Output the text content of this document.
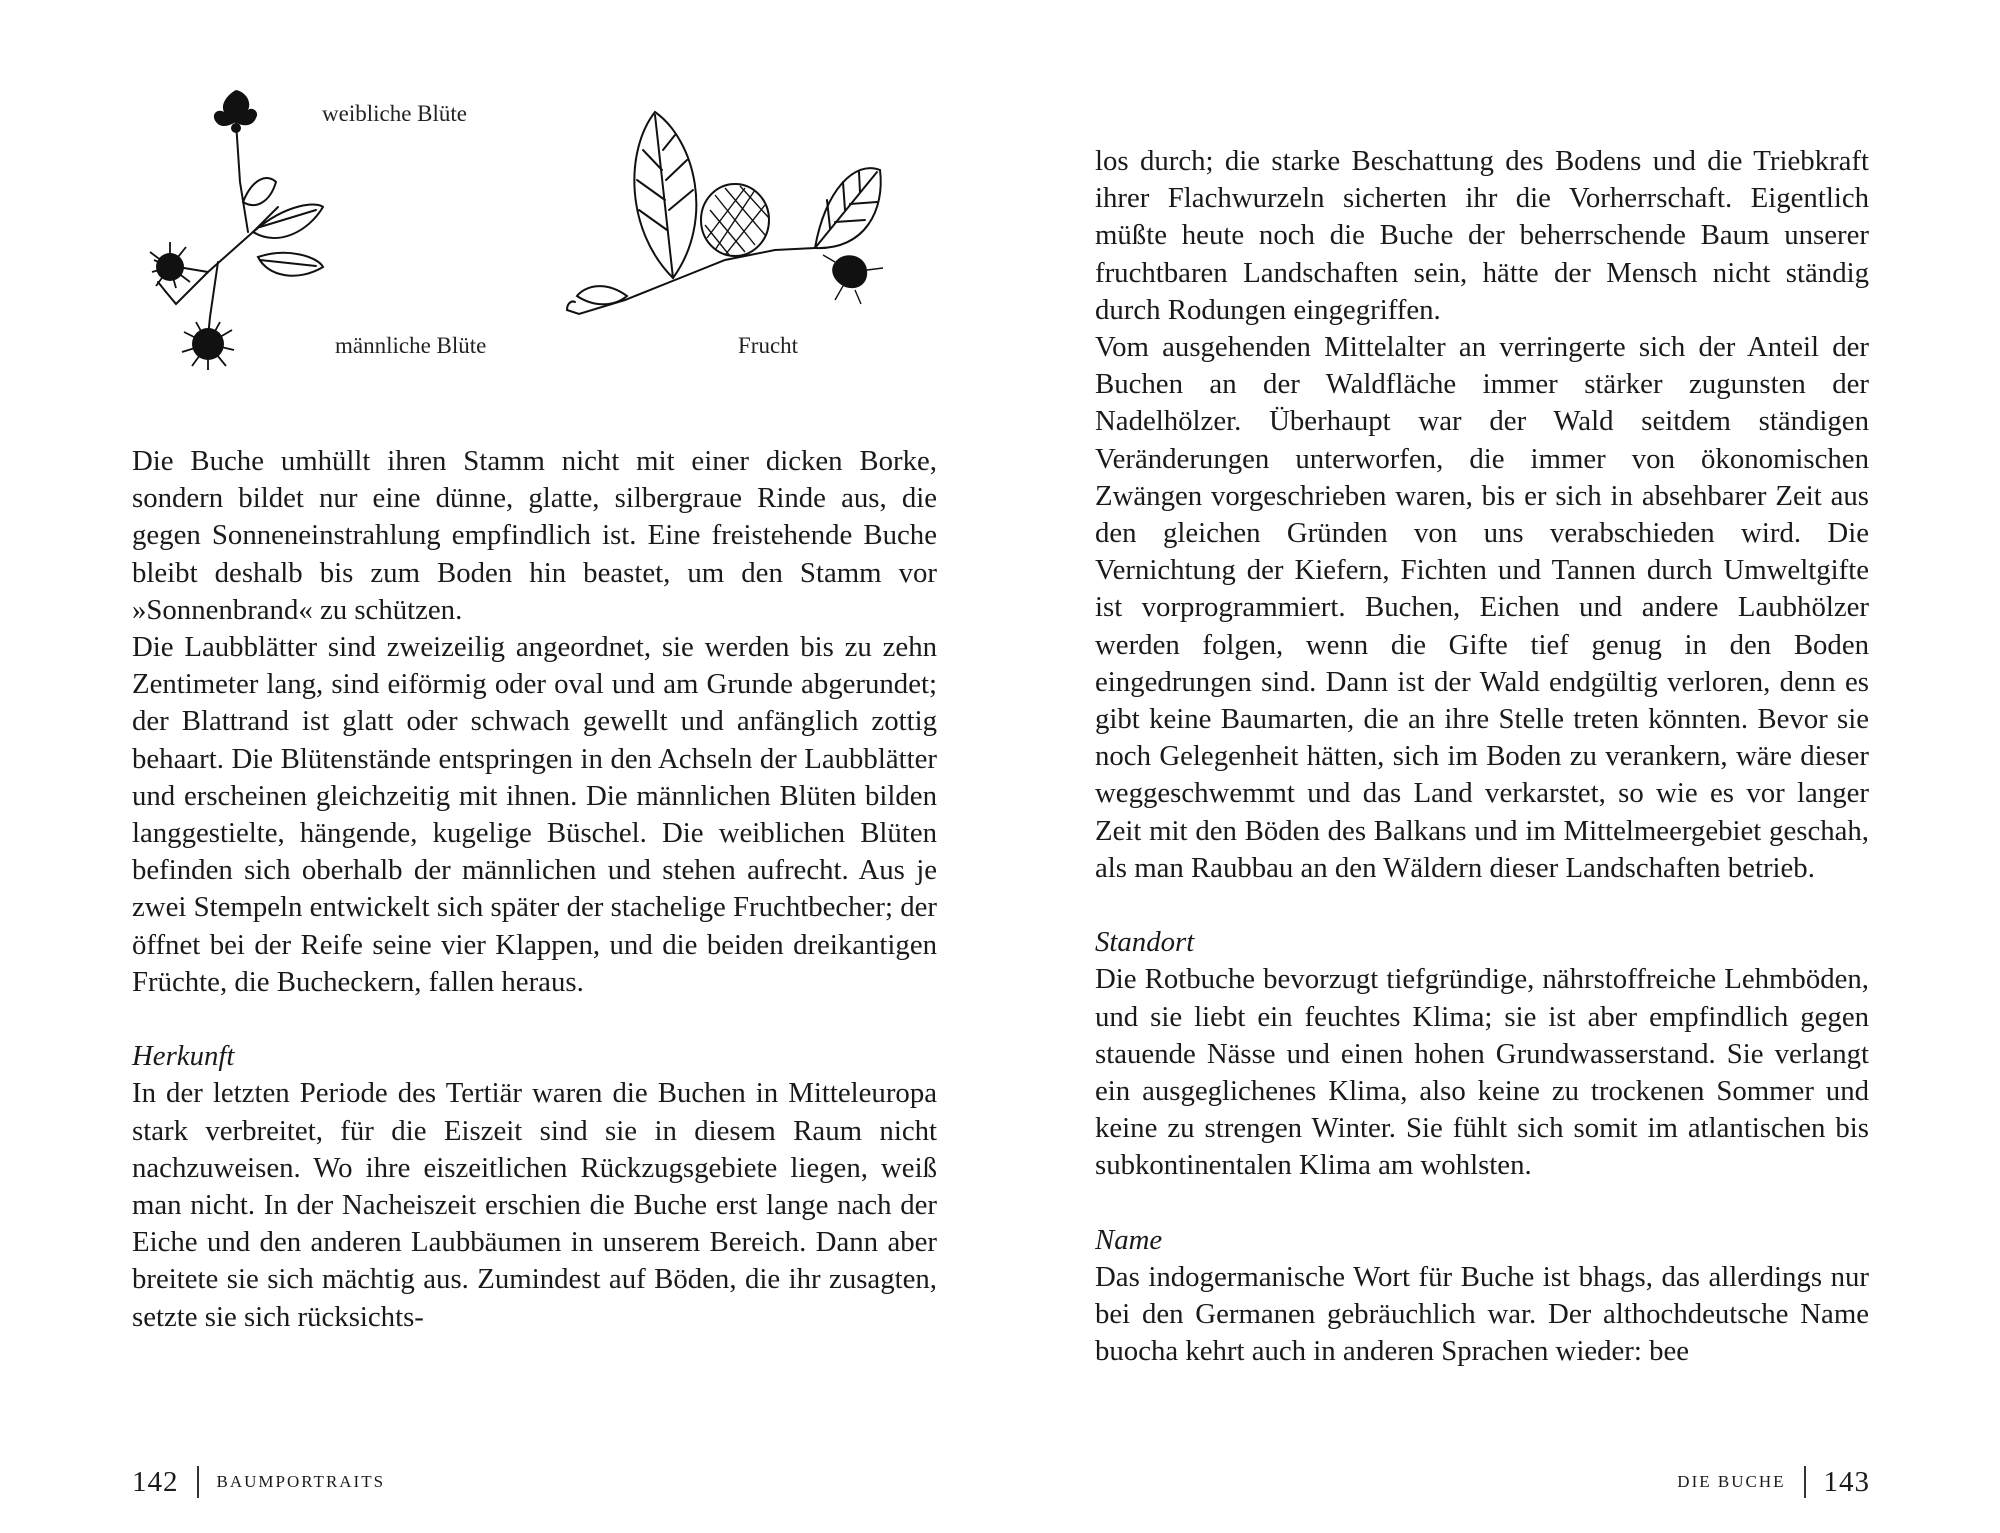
weibliche Blüte
männliche Blüte	Frucht

Die Buche umhüllt ihren Stamm nicht mit einer dicken Borke, sondern bildet nur eine dünne, glatte, silbergraue Rinde aus, die gegen Sonneneinstrahlung empfindlich ist. Eine freistehende Buche bleibt deshalb bis zum Boden hin beastet, um den Stamm vor »Sonnenbrand« zu schützen.

Die Laubblätter sind zweizeilig angeordnet, sie werden bis zu zehn Zentimeter lang, sind eiförmig oder oval und am Grunde abgerundet; der Blattrand ist glatt oder schwach gewellt und anfänglich zottig behaart. Die Blütenstände entspringen in den Achseln der Laubblätter und erscheinen gleichzeitig mit ihnen. Die männlichen Blüten bilden langgestielte, hängende, kugelige Büschel. Die weiblichen Blüten befinden sich oberhalb der männlichen und stehen aufrecht. Aus je zwei Stempeln entwickelt sich später der stachelige Fruchtbecher; der öffnet bei der Reife seine vier Klappen, und die beiden dreikantigen Früchte, die Bucheckern, fallen heraus.

Herkunft

In der letzten Periode des Tertiär waren die Buchen in Mitteleuropa stark verbreitet, für die Eiszeit sind sie in diesem Raum nicht nachzuweisen. Wo ihre eiszeitlichen Rückzugsgebiete liegen, weiß man nicht. In der Nacheiszeit erschien die Buche erst lange nach der Eiche und den anderen Laubbäumen in unserem Bereich. Dann aber breitete sie sich mächtig aus. Zumindest auf Böden, die ihr zusagten, setzte sie sich rücksichts-

142 BAUMPORTRAITS

los durch; die starke Beschattung des Bodens und die Triebkraft ihrer Flachwurzeln sicherten ihr die Vorherrschaft. Eigentlich müßte heute noch die Buche der beherrschende Baum unserer fruchtbaren Landschaften sein, hätte der Mensch nicht ständig durch Rodungen eingegriffen.

Vom ausgehenden Mittelalter an verringerte sich der Anteil der Buchen an der Waldfläche immer stärker zugunsten der Nadelhölzer. Überhaupt war der Wald seitdem ständigen Veränderungen unterworfen, die immer von ökonomischen Zwängen vorgeschrieben waren, bis er sich in absehbarer Zeit aus den gleichen Gründen von uns verabschieden wird. Die Vernichtung der Kiefern, Fichten und Tannen durch Umweltgifte ist vorprogrammiert. Buchen, Eichen und andere Laubhölzer werden folgen, wenn die Gifte tief genug in den Boden eingedrungen sind. Dann ist der Wald endgültig verloren, denn es gibt keine Baumarten, die an ihre Stelle treten könnten. Bevor sie noch Gelegenheit hätten, sich im Boden zu verankern, wäre dieser weggeschwemmt und das Land verkarstet, so wie es vor langer Zeit mit den Böden des Balkans und im Mittelmeergebiet geschah, als man Raubbau an den Wäldern dieser Landschaften betrieb.

Standort

Die Rotbuche bevorzugt tiefgründige, nährstoffreiche Lehmböden, und sie liebt ein feuchtes Klima; sie ist aber empfindlich gegen stauende Nässe und einen hohen Grundwasserstand. Sie verlangt ein ausgeglichenes Klima, also keine zu trockenen Sommer und keine zu strengen Winter. Sie fühlt sich somit im atlantischen bis subkontinentalen Klima am wohlsten.

Name

Das indogermanische Wort für Buche ist bhags, das allerdings nur bei den Germanen gebräuchlich war. Der althochdeutsche Name buocha kehrt auch in anderen Sprachen wieder: bee

DIE BUCHE 143
